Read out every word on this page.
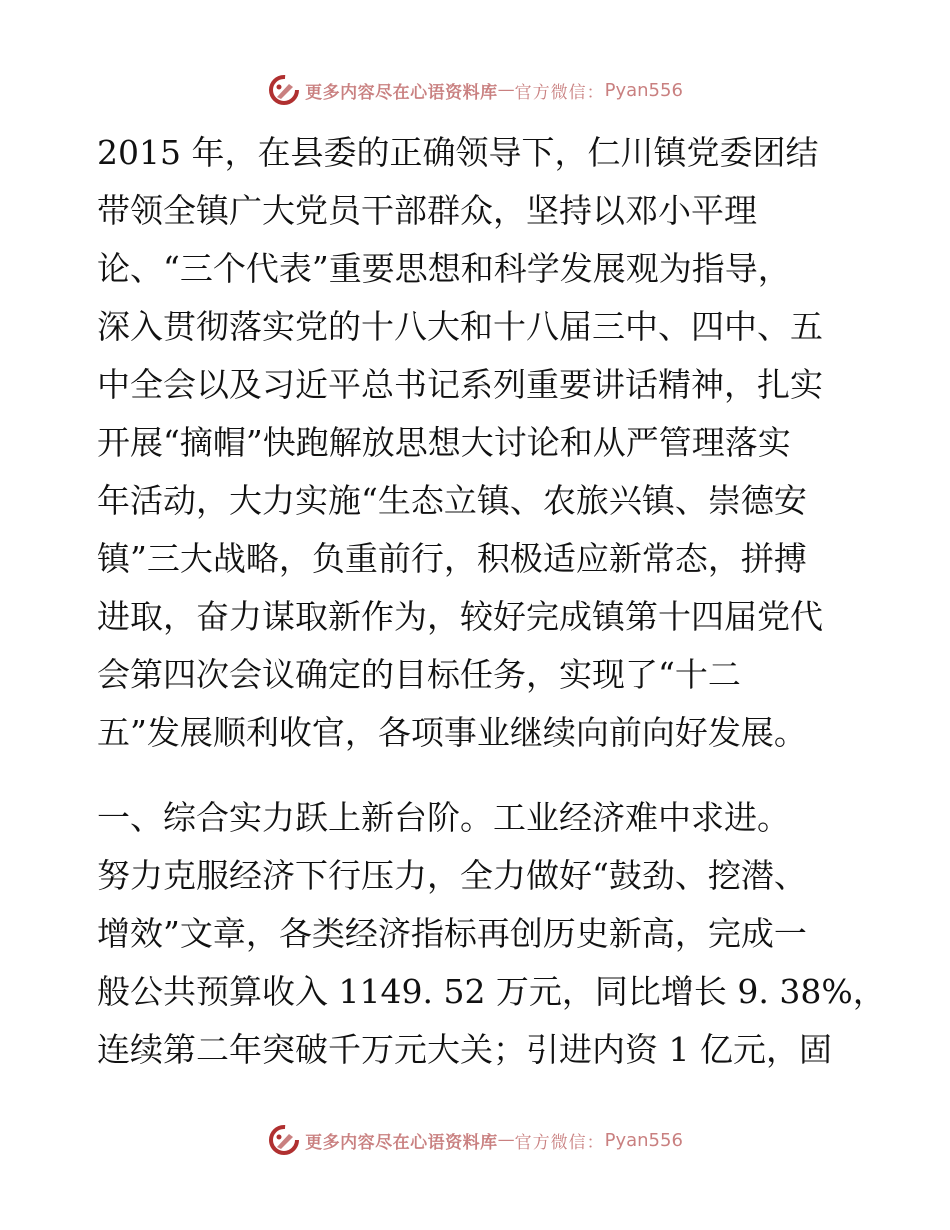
更多内容尽在心语资料库 — 官方微信： Pyan556
2015 年，在县委的正确领导下，仁川镇党委团结
带领全镇广大党员干部群众，坚持以邓小平理
论、“三个代表”重要思想和科学发展观为指导，
深入贯彻落实党的十八大和十八届三中、四中、五
中全会以及习近平总书记系列重要讲话精神，扎实
开展“摘帽”快跑解放思想大讨论和从严管理落实
年活动，大力实施“生态立镇、农旅兴镇、崇德安
镇”三大战略，负重前行，积极适应新常态，拼搏
进取，奋力谋取新作为，较好完成镇第十四届党代
会第四次会议确定的目标任务，实现了“十二
五”发展顺利收官，各项事业继续向前向好发展。
一、综合实力跃上新台阶。工业经济难中求进。
努力克服经济下行压力，全力做好“鼓劲、挖潜、
增效”文章，各类经济指标再创历史新高，完成一
般公共预算收入 1149. 52 万元，同比增长 9. 38%，
连续第二年突破千万元大关；引进内资 1 亿元，固
更多内容尽在心语资料库 — 官方微信： Pyan556
